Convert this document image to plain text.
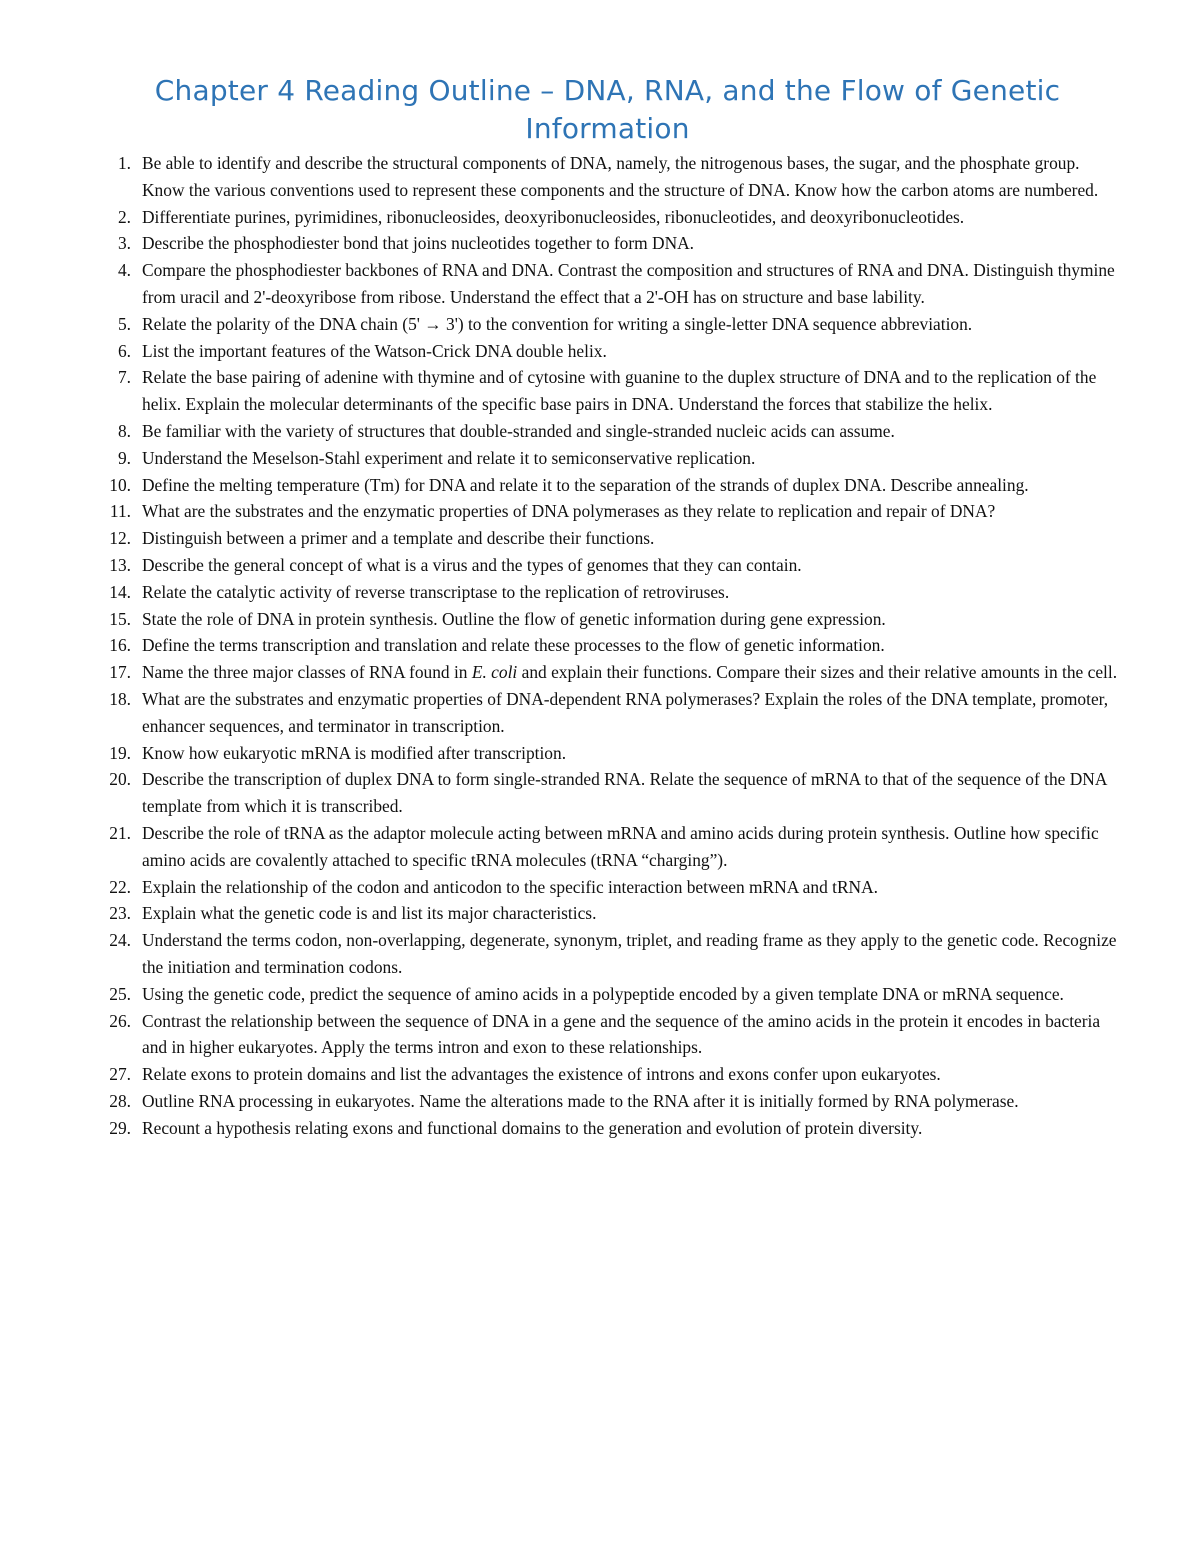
Chapter 4 Reading Outline – DNA, RNA, and the Flow of Genetic Information
1. Be able to identify and describe the structural components of DNA, namely, the nitrogenous bases, the sugar, and the phosphate group. Know the various conventions used to represent these components and the structure of DNA. Know how the carbon atoms are numbered.
2. Differentiate purines, pyrimidines, ribonucleosides, deoxyribonucleosides, ribonucleotides, and deoxyribonucleotides.
3. Describe the phosphodiester bond that joins nucleotides together to form DNA.
4. Compare the phosphodiester backbones of RNA and DNA. Contrast the composition and structures of RNA and DNA. Distinguish thymine from uracil and 2'-deoxyribose from ribose. Understand the effect that a 2'-OH has on structure and base lability.
5. Relate the polarity of the DNA chain (5' → 3') to the convention for writing a single-letter DNA sequence abbreviation.
6. List the important features of the Watson-Crick DNA double helix.
7. Relate the base pairing of adenine with thymine and of cytosine with guanine to the duplex structure of DNA and to the replication of the helix. Explain the molecular determinants of the specific base pairs in DNA. Understand the forces that stabilize the helix.
8. Be familiar with the variety of structures that double-stranded and single-stranded nucleic acids can assume.
9. Understand the Meselson-Stahl experiment and relate it to semiconservative replication.
10. Define the melting temperature (Tm) for DNA and relate it to the separation of the strands of duplex DNA. Describe annealing.
11. What are the substrates and the enzymatic properties of DNA polymerases as they relate to replication and repair of DNA?
12. Distinguish between a primer and a template and describe their functions.
13. Describe the general concept of what is a virus and the types of genomes that they can contain.
14. Relate the catalytic activity of reverse transcriptase to the replication of retroviruses.
15. State the role of DNA in protein synthesis. Outline the flow of genetic information during gene expression.
16. Define the terms transcription and translation and relate these processes to the flow of genetic information.
17. Name the three major classes of RNA found in E. coli and explain their functions. Compare their sizes and their relative amounts in the cell.
18. What are the substrates and enzymatic properties of DNA-dependent RNA polymerases? Explain the roles of the DNA template, promoter, enhancer sequences, and terminator in transcription.
19. Know how eukaryotic mRNA is modified after transcription.
20. Describe the transcription of duplex DNA to form single-stranded RNA. Relate the sequence of mRNA to that of the sequence of the DNA template from which it is transcribed.
21. Describe the role of tRNA as the adaptor molecule acting between mRNA and amino acids during protein synthesis. Outline how specific amino acids are covalently attached to specific tRNA molecules (tRNA “charging”).
22. Explain the relationship of the codon and anticodon to the specific interaction between mRNA and tRNA.
23. Explain what the genetic code is and list its major characteristics.
24. Understand the terms codon, non-overlapping, degenerate, synonym, triplet, and reading frame as they apply to the genetic code. Recognize the initiation and termination codons.
25. Using the genetic code, predict the sequence of amino acids in a polypeptide encoded by a given template DNA or mRNA sequence.
26. Contrast the relationship between the sequence of DNA in a gene and the sequence of the amino acids in the protein it encodes in bacteria and in higher eukaryotes. Apply the terms intron and exon to these relationships.
27. Relate exons to protein domains and list the advantages the existence of introns and exons confer upon eukaryotes.
28. Outline RNA processing in eukaryotes. Name the alterations made to the RNA after it is initially formed by RNA polymerase.
29. Recount a hypothesis relating exons and functional domains to the generation and evolution of protein diversity.
